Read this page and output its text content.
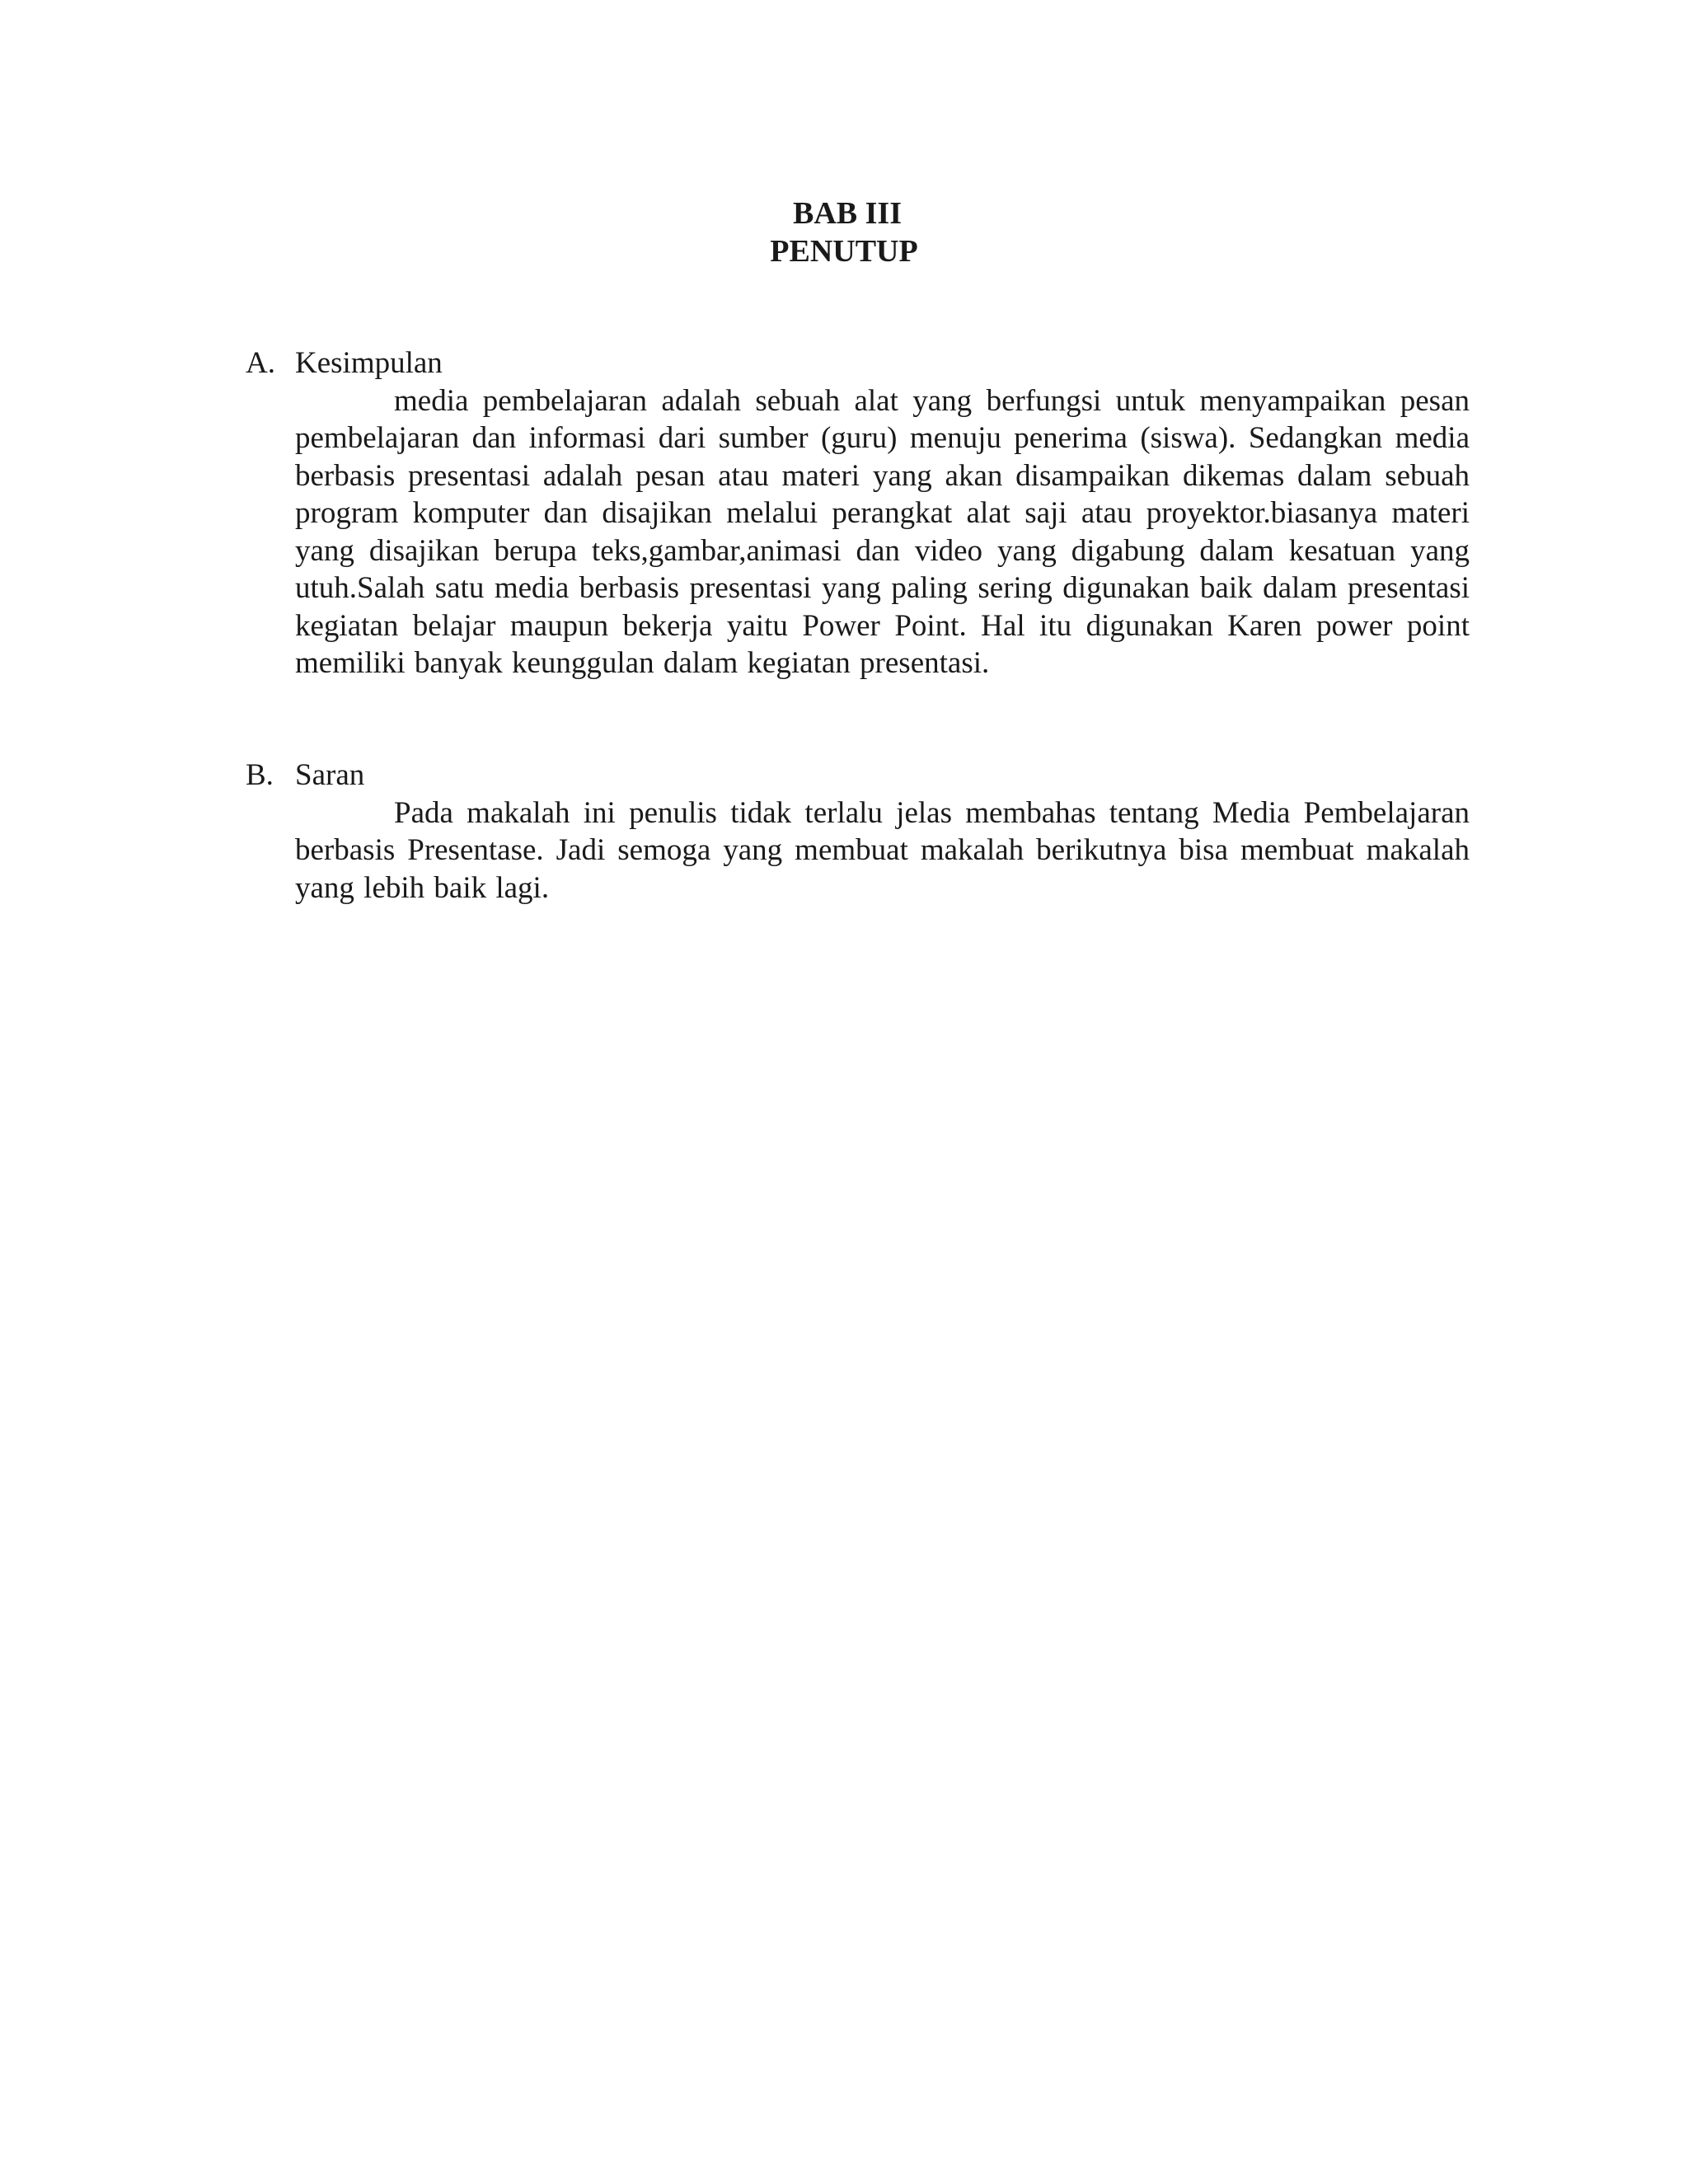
BAB III
PENUTUP
A. Kesimpulan
media pembelajaran adalah sebuah alat yang berfungsi untuk menyampaikan pesan pembelajaran dan informasi dari sumber (guru) menuju penerima (siswa). Sedangkan media berbasis presentasi adalah pesan atau materi yang akan disampaikan dikemas dalam sebuah program komputer dan disajikan melalui perangkat alat saji atau proyektor.biasanya materi yang disajikan berupa teks,gambar,animasi dan video yang digabung dalam kesatuan yang utuh.Salah satu media berbasis presentasi yang paling sering digunakan baik dalam presentasi kegiatan belajar maupun bekerja yaitu Power Point. Hal itu digunakan Karen power point memiliki banyak keunggulan dalam kegiatan presentasi.
B. Saran
Pada makalah ini penulis tidak terlalu jelas membahas tentang Media Pembelajaran berbasis Presentase. Jadi semoga yang membuat makalah berikutnya bisa membuat makalah yang lebih baik lagi.
